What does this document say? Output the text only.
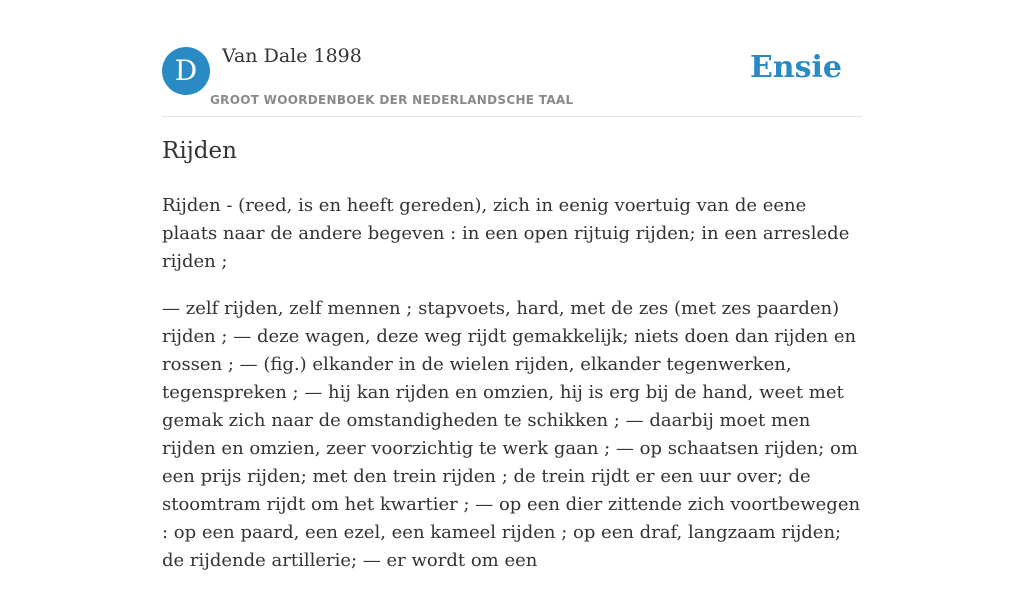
D	Van Dale 1898
GROOT WOORDENBOEK DER NEDERLANDSCHE TAAL
Ensie
Rijden

Rijden - (reed, is en heeft gereden), zich in eenig voertuig van de eene plaats naar de andere begeven : in een open rijtuig rijden; in een arreslede rijden ;

— zelf rijden, zelf mennen ; stapvoets, hard, met de zes (met zes paarden) rijden ; — deze wagen, deze weg rijdt gemakkelijk; niets doen dan rijden en rossen ; — (fig.) elkander in de wielen rijden, elkander tegenwerken, tegenspreken ; — hij kan rijden en omzien, hij is erg bij de hand, weet met gemak zich naar de omstandigheden te schikken ; — daarbij moet men rijden en omzien, zeer voorzichtig te werk gaan ; — op schaatsen rijden; om een prijs rijden; met den trein rijden ; de trein rijdt er een uur over; de stoomtram rijdt om het kwartier ; — op een dier zittende zich voortbewegen : op een paard, een ezel, een kameel rijden ; op een draf, langzaam rijden; de rijdende artillerie; — er wordt om een
